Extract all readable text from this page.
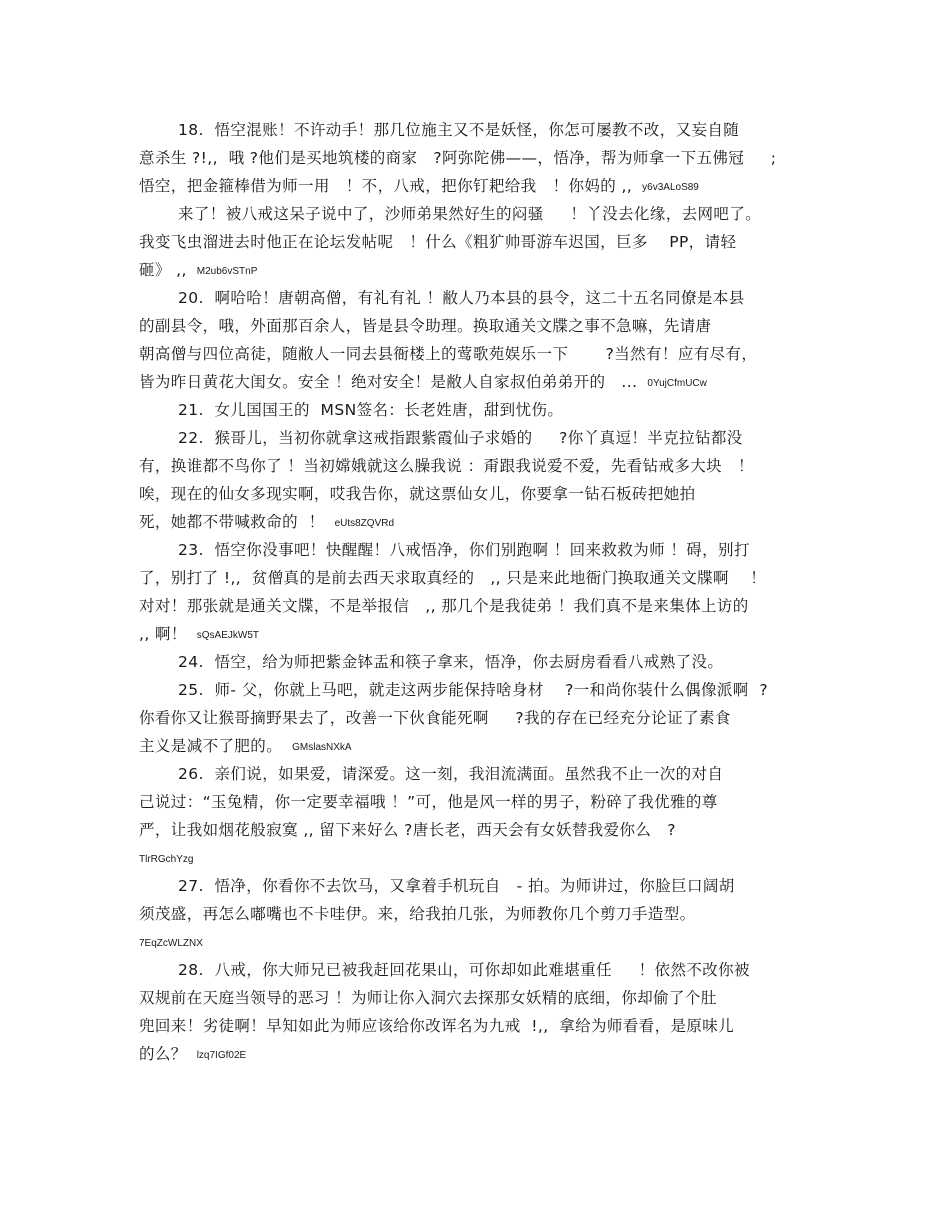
18.  悟空混账！不许动手！那几位施主又不是妖怪，你怎可屡教不改，又妄自随
意杀生 ?!,,  哦 ?他们是买地筑楼的商家   ?阿弥陀佛——，悟净，帮为师拿一下五佛冠     ;
悟空，把金箍棒借为师一用   ！不，八戒，把你钉耙给我   ！你妈的 ,, y6v3ALoS89
来了！被八戒这呆子说中了，沙师弟果然好生的闷骚     ！丫没去化缘，去网吧了。
我变飞虫溜进去时他正在论坛发帖呢   ！什么《粗犷帅哥游车迟国，巨多    PP，请轻
砸》 ,, M2ub6vSTnP
20.  啊哈哈！唐朝高僧，有礼有礼 ！敝人乃本县的县令，这二十五名同僚是本县
的副县令，哦，外面那百余人，皆是县令助理。换取通关文牒之事不急嘛，先请唐
朝高僧与四位高徒，随敝人一同去县衙楼上的莺歌苑娱乐一下       ?当然有！应有尽有，
皆为昨日黄花大闺女。安全 ！绝对安全！是敝人自家叔伯弟弟开的   ... 0YujCfmUCw
21.  女儿国国王的  MSN签名：长老姓唐，甜到忧伤。
22.  猴哥儿，当初你就拿这戒指跟紫霞仙子求婚的     ?你丫真逗！半克拉钻都没
有，换谁都不鸟你了 ！当初嫦娥就这么臊我说 ：甭跟我说爱不爱，先看钻戒多大块   ！
唉，现在的仙女多现实啊，哎我告你，就这票仙女儿，你要拿一钻石板砖把她拍
死，她都不带喊救命的  ！ eUts8ZQVRd
23.  悟空你没事吧！快醒醒！八戒悟净，你们别跑啊 ！回来救救为师 ！碍，别打
了，别打了 !,,  贫僧真的是前去西天求取真经的   ,, 只是来此地衙门换取通关文牒啊    ！
对对！那张就是通关文牒，不是举报信   ,, 那几个是我徒弟 ！我们真不是来集体上访的
,, 啊！ sQsAEJkW5T
24.  悟空，给为师把紫金钵盂和筷子拿来，悟净，你去厨房看看八戒熟了没。
25.  师- 父，你就上马吧，就走这两步能保持啥身材    ?一和尚你装什么偶像派啊  ?
你看你又让猴哥摘野果去了，改善一下伙食能死啊     ?我的存在已经充分论证了素食
主义是减不了肥的。 GMslasNXkA
26.  亲们说，如果爱，请深爱。这一刻，我泪流满面。虽然我不止一次的对自
己说过：“玉兔精，你一定要幸福哦 ！”可，他是风一样的男子，粉碎了我优雅的尊
严，让我如烟花般寂寞 ,, 留下来好么 ?唐长老，西天会有女妖替我爱你么   ?
TlrRGchYzg
27.  悟净，你看你不去饮马，又拿着手机玩自   - 拍。为师讲过，你脸巨口阔胡
须茂盛，再怎么嘟嘴也不卡哇伊。来，给我拍几张，为师教你几个剪刀手造型。
7EqZcWLZNX
28.  八戒，你大师兄已被我赶回花果山，可你却如此难堪重任     ！依然不改你被
双规前在天庭当领导的恶习 ！为师让你入洞穴去探那女妖精的底细，你却偷了个肚
兜回来！劣徒啊！早知如此为师应该给你改诨名为九戒  !,,  拿给为师看看，是原味儿
的么？ lzq7IGf02E
